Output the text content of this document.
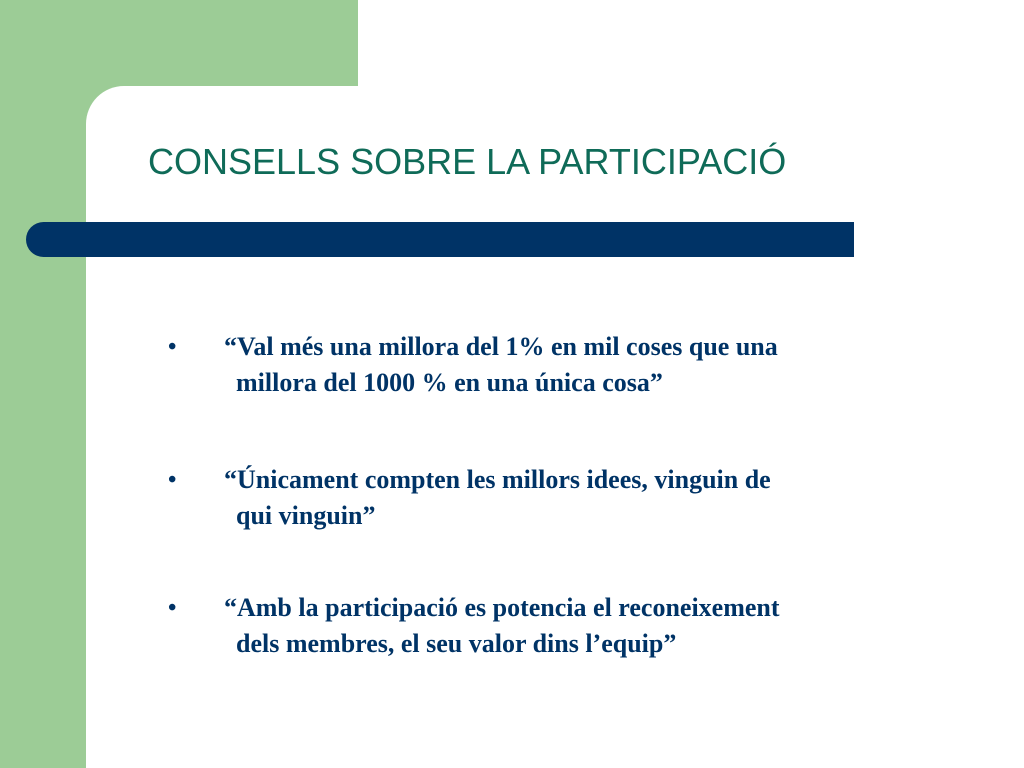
CONSELLS SOBRE LA PARTICIPACIÓ
•	“Val més una millora del 1% en mil coses que una
millora del 1000 % en una única cosa”
•	“Únicament compten les millors idees, vinguin de
qui vinguin”
•	“Amb la participació es potencia el reconeixement
dels membres, el seu valor dins l’equip”
